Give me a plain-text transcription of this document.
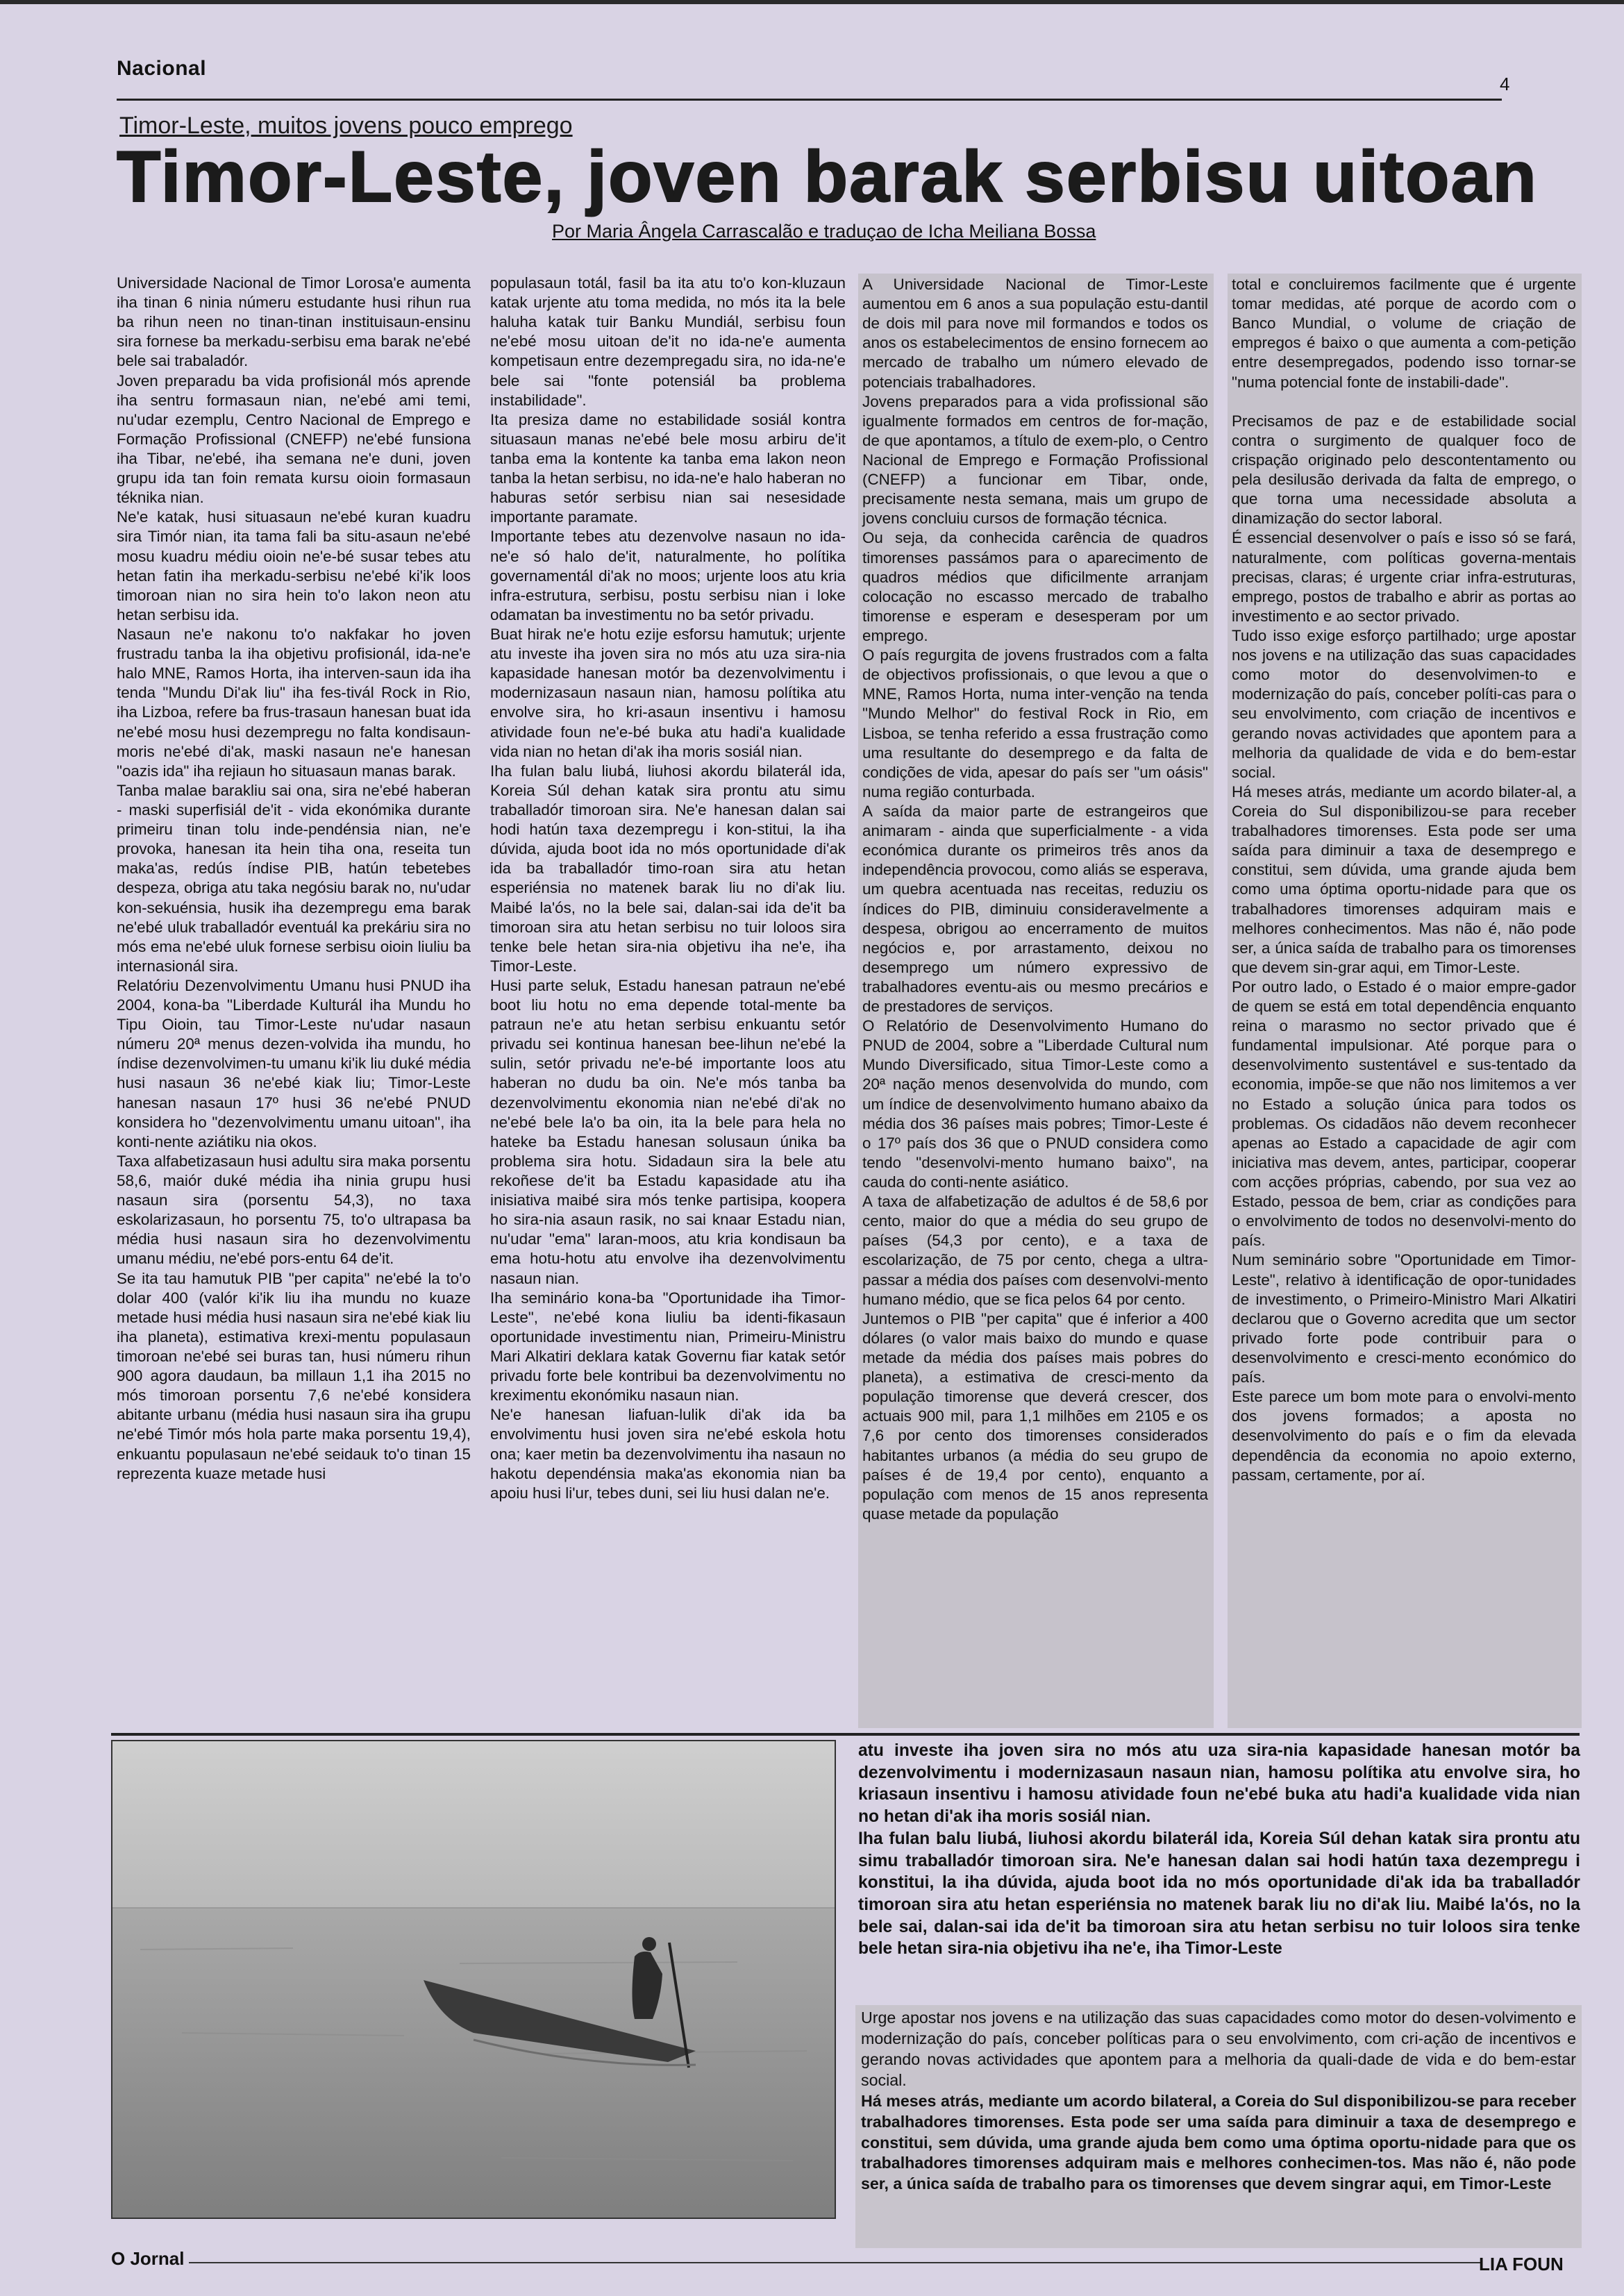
Nacional
4
Timor-Leste, muitos jovens pouco emprego
Timor-Leste, joven barak serbisu uitoan
Por Maria Ângela Carrascalão e traduçao de Icha Meiliana Bossa

Universidade Nacional de Timor Lorosa'e aumenta iha tinan 6 ninia númeru estudante husi rihun rua ba rihun neen no tinan-tinan instituisaun-ensinu sira fornese ba merkadu-serbisu ema barak ne'ebé bele sai trabaladór.

Joven preparadu ba vida profisionál mós aprende iha sentru formasaun nian, ne'ebé ami temi, nu'udar ezemplu, Centro Nacional de Emprego e Formação Profissional (CNEFP) ne'ebé funsiona iha Tibar, ne'ebé, iha semana ne'e duni, joven grupu ida tan foin remata kursu oioin formasaun téknika nian.

Ne'e katak, husi situasaun ne'ebé kuran kuadru sira Timór nian, ita tama fali ba situ-asaun ne'ebé mosu kuadru médiu oioin ne'e-bé susar tebes atu hetan fatin iha merkadu-serbisu ne'ebé ki'ik loos timoroan nian no sira hein to'o lakon neon atu hetan serbisu ida.

Nasaun ne'e nakonu to'o nakfakar ho joven frustradu tanba la iha objetivu profisionál, ida-ne'e halo MNE, Ramos Horta, iha interven-saun ida iha tenda "Mundu Di'ak liu" iha fes-tivál Rock in Rio, iha Lizboa, refere ba frus-trasaun hanesan buat ida ne'ebé mosu husi dezempregu no falta kondisaun-moris ne'ebé di'ak, maski nasaun ne'e hanesan "oazis ida" iha rejiaun ho situasaun manas barak.

Tanba malae barakliu sai ona, sira ne'ebé haberan - maski superfisiál de'it - vida ekonómika durante primeiru tinan tolu inde-pendénsia nian, ne'e provoka, hanesan ita hein tiha ona, reseita tun maka'as, redús índise PIB, hatún tebetebes despeza, obriga atu taka negósiu barak no, nu'udar kon-sekuénsia, husik iha dezempregu ema barak ne'ebé uluk traballadór eventuál ka prekáriu sira no mós ema ne'ebé uluk fornese serbisu oioin liuliu ba internasionál sira.

Relatóriu Dezenvolvimentu Umanu husi PNUD iha 2004, kona-ba "Liberdade Kulturál iha Mundu ho Tipu Oioin, tau Timor-Leste nu'udar nasaun númeru 20ª menus dezen-volvida iha mundu, ho índise dezenvolvimen-tu umanu ki'ik liu duké média husi nasaun 36 ne'ebé kiak liu; Timor-Leste hanesan nasaun 17º husi 36 ne'ebé PNUD konsidera ho "dezenvolvimentu umanu uitoan", iha konti-nente aziátiku nia okos.

Taxa alfabetizasaun husi adultu sira maka porsentu 58,6, maiór duké média iha ninia grupu husi nasaun sira (porsentu 54,3), no taxa eskolarizasaun, ho porsentu 75, to'o ultrapasa ba média husi nasaun sira ho dezenvolvimentu umanu médiu, ne'ebé pors-entu 64 de'it.

Se ita tau hamutuk PIB "per capita" ne'ebé la to'o dolar 400 (valór ki'ik liu iha mundu no kuaze metade husi média husi nasaun sira ne'ebé kiak liu iha planeta), estimativa krexi-mentu populasaun timoroan ne'ebé sei buras tan, husi númeru rihun 900 agora daudaun, ba millaun 1,1 iha 2015 no mós timoroan porsentu 7,6 ne'ebé konsidera abitante urbanu (média husi nasaun sira iha grupu ne'ebé Timór mós hola parte maka porsentu 19,4), enkuantu populasaun ne'ebé seidauk to'o tinan 15 reprezenta kuaze metade husi

populasaun totál, fasil ba ita atu to'o kon-kluzaun katak urjente atu toma medida, no mós ita la bele haluha katak tuir Banku Mundiál, serbisu foun ne'ebé mosu uitoan de'it no ida-ne'e aumenta kompetisaun entre dezempregadu sira, no ida-ne'e bele sai "fonte potensiál ba problema instabilidade".

Ita presiza dame no estabilidade sosiál kontra situasaun manas ne'ebé bele mosu arbiru de'it tanba ema la kontente ka tanba ema lakon neon tanba la hetan serbisu, no ida-ne'e halo haberan no haburas setór serbisu nian sai nesesidade importante paramate.

Importante tebes atu dezenvolve nasaun no ida-ne'e só halo de'it, naturalmente, ho polítika governamentál di'ak no moos; urjente loos atu kria infra-estrutura, serbisu, postu serbisu nian i loke odamatan ba investimentu no ba setór privadu.

Buat hirak ne'e hotu ezije esforsu hamutuk; urjente atu investe iha joven sira no mós atu uza sira-nia kapasidade hanesan motór ba dezenvolvimentu i modernizasaun nasaun nian, hamosu polítika atu envolve sira, ho kri-asaun insentivu i hamosu atividade foun ne'e-bé buka atu hadi'a kualidade vida nian no hetan di'ak iha moris sosiál nian.

Iha fulan balu liubá, liuhosi akordu bilaterál ida, Koreia Súl dehan katak sira prontu atu simu traballadór timoroan sira. Ne'e hanesan dalan sai hodi hatún taxa dezempregu i kon-stitui, la iha dúvida, ajuda boot ida no mós oportunidade di'ak ida ba traballadór timo-roan sira atu hetan esperiénsia no matenek barak liu no di'ak liu. Maibé la'ós, no la bele sai, dalan-sai ida de'it ba timoroan sira atu hetan serbisu no tuir loloos sira tenke bele hetan sira-nia objetivu iha ne'e, iha Timor-Leste.

Husi parte seluk, Estadu hanesan patraun ne'ebé boot liu hotu no ema depende total-mente ba patraun ne'e atu hetan serbisu enkuantu setór privadu sei kontinua hanesan bee-lihun ne'ebé la sulin, setór privadu ne'e-bé importante loos atu haberan no dudu ba oin. Ne'e mós tanba ba dezenvolvimentu ekonomia nian ne'ebé di'ak no ne'ebé bele la'o ba oin, ita la bele para hela no hateke ba Estadu hanesan solusaun únika ba problema sira hotu. Sidadaun sira la bele atu rekoñese de'it ba Estadu kapasidade atu iha inisiativa maibé sira mós tenke partisipa, koopera ho sira-nia asaun rasik, no sai knaar Estadu nian, nu'udar "ema" laran-moos, atu kria kondisaun ba ema hotu-hotu atu envolve iha dezenvolvimentu nasaun nian.

Iha seminário kona-ba "Oportunidade iha Timor-Leste", ne'ebé kona liuliu ba identi-fikasaun oportunidade investimentu nian, Primeiru-Ministru Mari Alkatiri deklara katak Governu fiar katak setór privadu forte bele kontribui ba dezenvolvimentu no kreximentu ekonómiku nasaun nian.

Ne'e hanesan liafuan-lulik di'ak ida ba envolvimentu husi joven sira ne'ebé eskola hotu ona; kaer metin ba dezenvolvimentu iha nasaun no hakotu dependénsia maka'as ekonomia nian ba apoiu husi li'ur, tebes duni, sei liu husi dalan ne'e.

A Universidade Nacional de Timor-Leste aumentou em 6 anos a sua população estu-dantil de dois mil para nove mil formandos e todos os anos os estabelecimentos de ensino fornecem ao mercado de trabalho um número elevado de potenciais trabalhadores.

Jovens preparados para a vida profissional são igualmente formados em centros de for-mação, de que apontamos, a título de exem-plo, o Centro Nacional de Emprego e Formação Profissional (CNEFP) a funcionar em Tibar, onde, precisamente nesta semana, mais um grupo de jovens concluiu cursos de formação técnica.

Ou seja, da conhecida carência de quadros timorenses passámos para o aparecimento de quadros médios que dificilmente arranjam colocação no escasso mercado de trabalho timorense e esperam e desesperam por um emprego.

O país regurgita de jovens frustrados com a falta de objectivos profissionais, o que levou a que o MNE, Ramos Horta, numa inter-venção na tenda "Mundo Melhor" do festival Rock in Rio, em Lisboa, se tenha referido a essa frustração como uma resultante do desemprego e da falta de condições de vida, apesar do país ser "um oásis" numa região conturbada.

A saída da maior parte de estrangeiros que animaram - ainda que superficialmente - a vida económica durante os primeiros três anos da independência provocou, como aliás se esperava, um quebra acentuada nas receitas, reduziu os índices do PIB, diminuiu consideravelmente a despesa, obrigou ao encerramento de muitos negócios e, por arrastamento, deixou no desemprego um número expressivo de trabalhadores eventu-ais ou mesmo precários e de prestadores de serviços.

O Relatório de Desenvolvimento Humano do PNUD de 2004, sobre a "Liberdade Cultural num Mundo Diversificado, situa Timor-Leste como a 20ª nação menos desenvolvida do mundo, com um índice de desenvolvimento humano abaixo da média dos 36 países mais pobres; Timor-Leste é o 17º país dos 36 que o PNUD considera como tendo "desenvolvi-mento humano baixo", na cauda do conti-nente asiático.

A taxa de alfabetização de adultos é de 58,6 por cento, maior do que a média do seu grupo de países (54,3 por cento), e a taxa de escolarização, de 75 por cento, chega a ultra-passar a média dos países com desenvolvi-mento humano médio, que se fica pelos 64 por cento.

Juntemos o PIB "per capita" que é inferior a 400 dólares (o valor mais baixo do mundo e quase metade da média dos países mais pobres do planeta), a estimativa de cresci-mento da população timorense que deverá crescer, dos actuais 900 mil, para 1,1 milhões em 2105 e os 7,6 por cento dos timorenses considerados habitantes urbanos (a média do seu grupo de países é de 19,4 por cento), enquanto a população com menos de 15 anos representa quase metade da população

total e concluiremos facilmente que é urgente tomar medidas, até porque de acordo com o Banco Mundial, o volume de criação de empregos é baixo o que aumenta a com-petição entre desempregados, podendo isso tornar-se "numa potencial fonte de instabili-dade".

Precisamos de paz e de estabilidade social contra o surgimento de qualquer foco de crispação originado pelo descontentamento ou pela desilusão derivada da falta de emprego, o que torna uma necessidade absoluta a dinamização do sector laboral.

É essencial desenvolver o país e isso só se fará, naturalmente, com políticas governa-mentais precisas, claras; é urgente criar infra-estruturas, emprego, postos de trabalho e abrir as portas ao investimento e ao sector privado.

Tudo isso exige esforço partilhado; urge apostar nos jovens e na utilização das suas capacidades como motor do desenvolvimen-to e modernização do país, conceber políti-cas para o seu envolvimento, com criação de incentivos e gerando novas actividades que apontem para a melhoria da qualidade de vida e do bem-estar social.

Há meses atrás, mediante um acordo bilater-al, a Coreia do Sul disponibilizou-se para receber trabalhadores timorenses. Esta pode ser uma saída para diminuir a taxa de desemprego e constitui, sem dúvida, uma grande ajuda bem como uma óptima oportu-nidade para que os trabalhadores timorenses adquiram mais e melhores conhecimentos. Mas não é, não pode ser, a única saída de trabalho para os timorenses que devem sin-grar aqui, em Timor-Leste.

Por outro lado, o Estado é o maior empre-gador de quem se está em total dependência enquanto reina o marasmo no sector privado que é fundamental impulsionar. Até porque para o desenvolvimento sustentável e sus-tentado da economia, impõe-se que não nos limitemos a ver no Estado a solução única para todos os problemas. Os cidadãos não devem reconhecer apenas ao Estado a capacidade de agir com iniciativa mas devem, antes, participar, cooperar com acções próprias, cabendo, por sua vez ao Estado, pessoa de bem, criar as condições para o envolvimento de todos no desenvolvi-mento do país.

Num seminário sobre "Oportunidade em Timor-Leste", relativo à identificação de opor-tunidades de investimento, o Primeiro-Ministro Mari Alkatiri declarou que o Governo acredita que um sector privado forte pode contribuir para o desenvolvimento e cresci-mento económico do país.

Este parece um bom mote para o envolvi-mento dos jovens formados; a aposta no desenvolvimento do país e o fim da elevada dependência da economia no apoio externo, passam, certamente, por aí.

atu investe iha joven sira no mós atu uza sira-nia kapasidade hanesan motór ba dezenvolvimentu i modernizasaun nasaun nian, hamosu polítika atu envolve sira, ho kriasaun insentivu i hamosu atividade foun ne'ebé buka atu hadi'a kualidade vida nian no hetan di'ak iha moris sosiál nian.

Iha fulan balu liubá, liuhosi akordu bilaterál ida, Koreia Súl dehan katak sira prontu atu simu traballadór timoroan sira. Ne'e hanesan dalan sai hodi hatún taxa dezempregu i konstitui, la iha dúvida, ajuda boot ida no mós oportunidade di'ak ida ba traballadór timoroan sira atu hetan esperiénsia no matenek barak liu no di'ak liu. Maibé la'ós, no la bele sai, dalan-sai ida de'it ba timoroan sira atu hetan serbisu no tuir loloos sira tenke bele hetan sira-nia objetivu iha ne'e, iha Timor-Leste

Urge apostar nos jovens e na utilização das suas capacidades como motor do desen-volvimento e modernização do país, conceber políticas para o seu envolvimento, com cri-ação de incentivos e gerando novas actividades que apontem para a melhoria da quali-dade de vida e do bem-estar social.

Há meses atrás, mediante um acordo bilateral, a Coreia do Sul disponibilizou-se para receber trabalhadores timorenses. Esta pode ser uma saída para diminuir a taxa de desemprego e constitui, sem dúvida, uma grande ajuda bem como uma óptima oportu-nidade para que os trabalhadores timorenses adquiram mais e melhores conhecimen-tos. Mas não é, não pode ser, a única saída de trabalho para os timorenses que devem singrar aqui, em Timor-Leste

O Jornal	LIA FOUN
